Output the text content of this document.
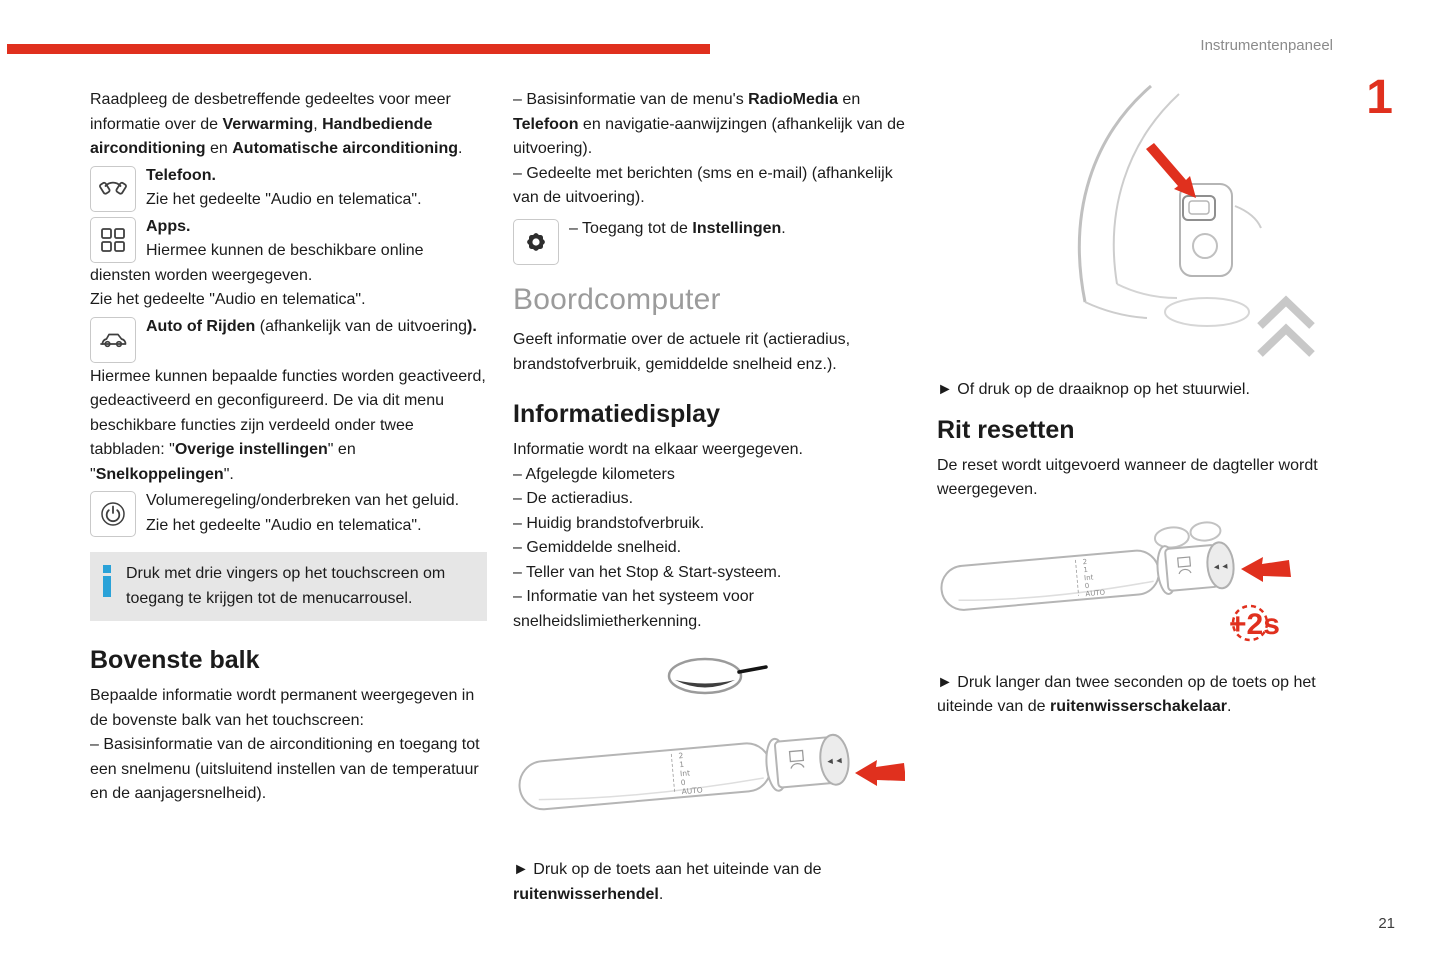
Instrumentenpaneel
1

Raadpleeg de desbetreffende gedeeltes voor meer informatie over de Verwarming, Handbediende airconditioning en Automatische airconditioning.

Telefoon.
Zie het gedeelte "Audio en telematica".

Apps.
Hiermee kunnen de beschikbare online diensten worden weergegeven.
Zie het gedeelte "Audio en telematica".

Auto of Rijden (afhankelijk van de uitvoering).

Hiermee kunnen bepaalde functies worden geactiveerd, gedeactiveerd en geconfigureerd. De via dit menu beschikbare functies zijn verdeeld onder twee tabbladen: "Overige instellingen" en "Snelkoppelingen".

Volumeregeling/onderbreken van het geluid.
Zie het gedeelte "Audio en telematica".

Druk met drie vingers op het touchscreen om toegang te krijgen tot de menucarrousel.

Bovenste balk

Bepaalde informatie wordt permanent weergegeven in de bovenste balk van het touchscreen:

– Basisinformatie van de airconditioning en toegang tot een snelmenu (uitsluitend instellen van de temperatuur en de aanjagersnelheid).

– Basisinformatie van de menu's RadioMedia en Telefoon en navigatie-aanwijzingen (afhankelijk van de uitvoering).

– Gedeelte met berichten (sms en e-mail) (afhankelijk van de uitvoering).

– Toegang tot de Instellingen.

Boordcomputer

Geeft informatie over de actuele rit (actieradius, brandstofverbruik, gemiddelde snelheid enz.).

Informatiedisplay

Informatie wordt na elkaar weergegeven.

– Afgelegde kilometers

– De actieradius.

– Huidig brandstofverbruik.

– Gemiddelde snelheid.

– Teller van het Stop & Start-systeem.

– Informatie van het systeem voor snelheidslimietherkenning.

2
1
Int
0
AUTO
◄◄

► Druk op de toets aan het uiteinde van de ruitenwisserhendel.

► Of druk op de draaiknop op het stuurwiel.

Rit resetten

De reset wordt uitgevoerd wanneer de dagteller wordt weergegeven.

2
1
Int
0
AUTO
◄◄
+2s

► Druk langer dan twee seconden op de toets op het uiteinde van de ruitenwisserschakelaar.

21
